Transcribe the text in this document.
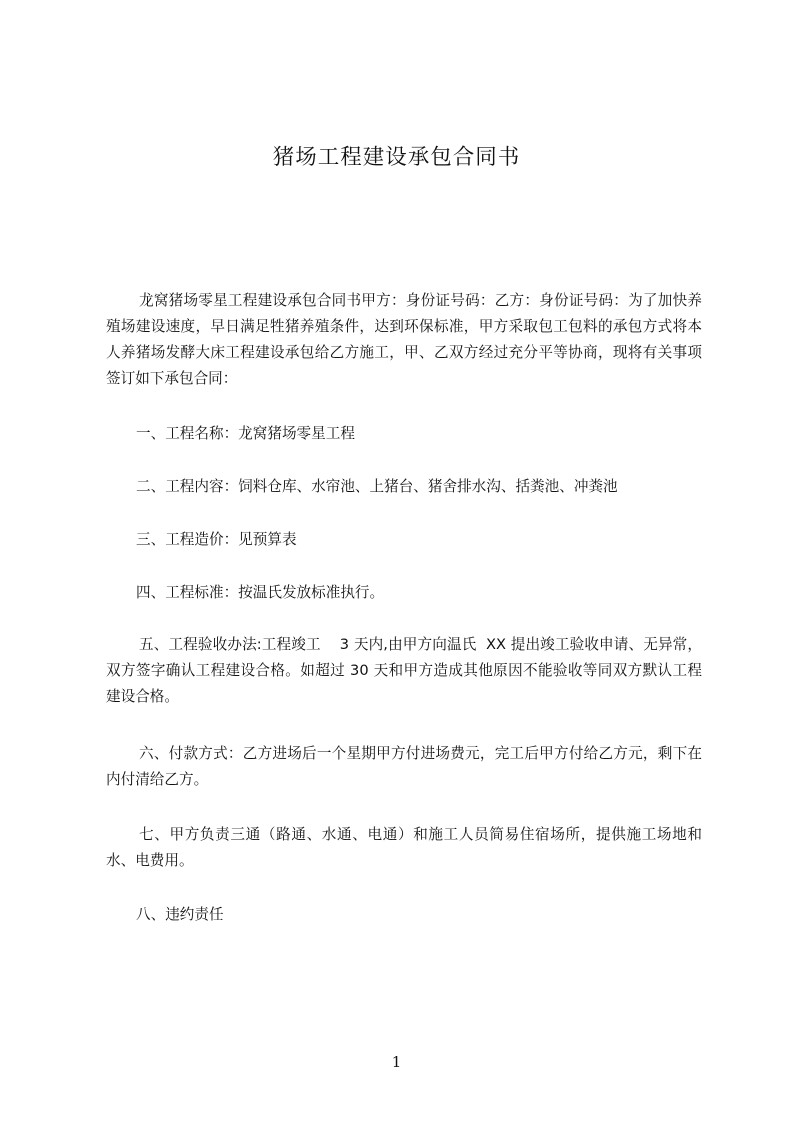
猪场工程建设承包合同书

龙窝猪场零星工程建设承包合同书甲方：身份证号码：乙方：身份证号码：为了加快养殖场建设速度，早日满足牲猪养殖条件，达到环保标准，甲方采取包工包料的承包方式将本人养猪场发酵大床工程建设承包给乙方施工，甲、乙双方经过充分平等协商，现将有关事项签订如下承包合同：

一、工程名称：龙窝猪场零星工程
二、工程内容：饲料仓库、水帘池、上猪台、猪舍排水沟、括粪池、冲粪池
三、工程造价：见预算表
四、工程标准：按温氏发放标准执行。

五、工程验收办法:工程竣工    3 天内,由甲方向温氏  XX 提出竣工验收申请、无异常，双方签字确认工程建设合格。如超过 30 天和甲方造成其他原因不能验收等同双方默认工程建设合格。

六、付款方式：乙方进场后一个星期甲方付进场费元，完工后甲方付给乙方元，剩下在内付清给乙方。

七、甲方负责三通（路通、水通、电通）和施工人员简易住宿场所，提供施工场地和水、电费用。

八、违约责任
1
